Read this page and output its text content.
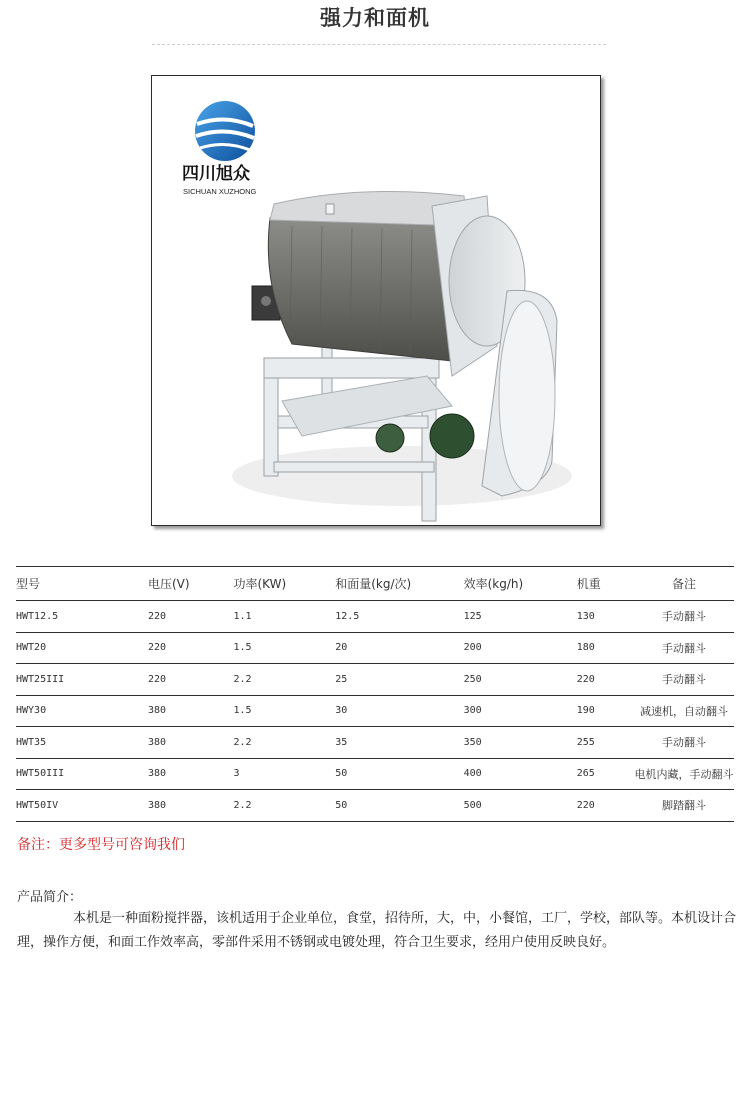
强力和面机
四川旭众
SICHUAN XUZHONG
型号	电压(V)	功率(KW)	和面量(kg/次)	效率(kg/h)	机重	备注
HWT12.5	220	1.1	12.5	125	130	手动翻斗
HWT20	220	1.5	20	200	180	手动翻斗
HWT25III	220	2.2	25	250	220	手动翻斗
HWY30	380	1.5	30	300	190	减速机，自动翻斗
HWT35	380	2.2	35	350	255	手动翻斗
HWT50III	380	3	50	400	265	电机内藏，手动翻斗
HWT50IV	380	2.2	50	500	220	脚踏翻斗
备注：更多型号可咨询我们
产品简介：
本机是一种面粉搅拌器，该机适用于企业单位，食堂，招待所，大，中，小餐馆，工厂，学校，部队等。本机设计合理，操作方便，和面工作效率高，零部件采用不锈钢或电镀处理，符合卫生要求，经用户使用反映良好。
